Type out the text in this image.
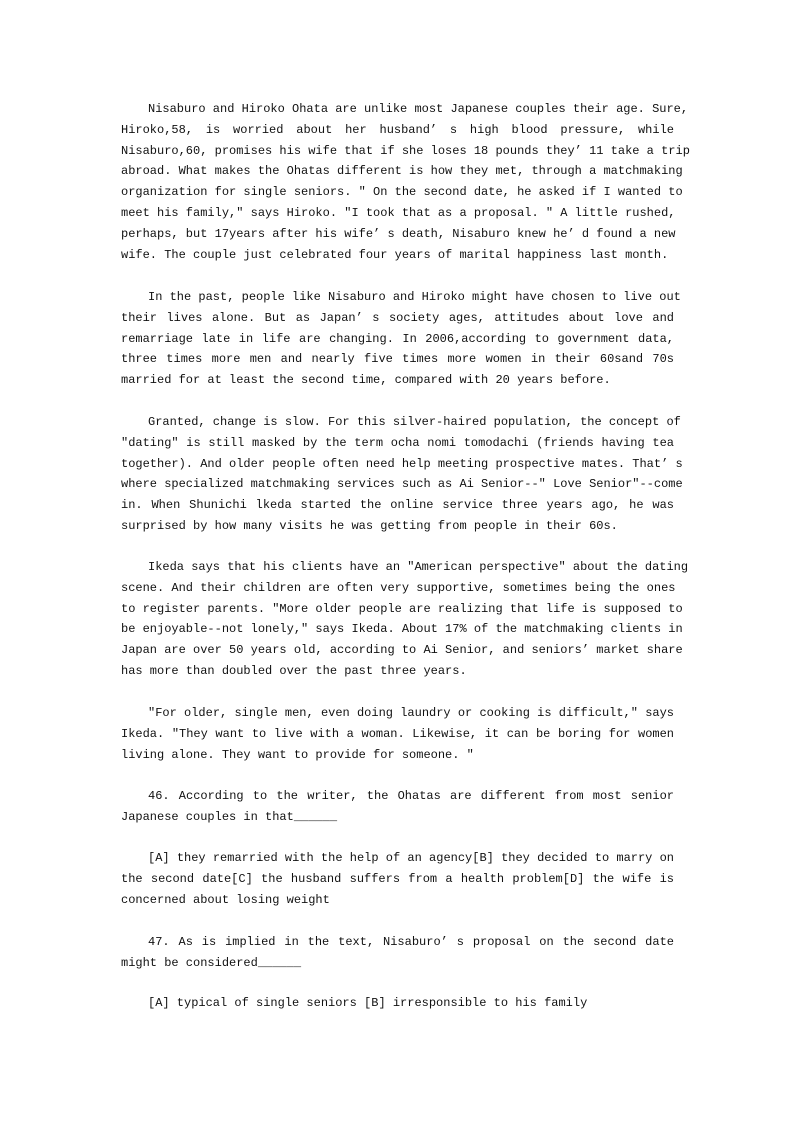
Nisaburo and Hiroko Ohata are unlike most Japanese couples their age. Sure,
Hiroko,58, is worried about her husband’ s high blood pressure, while
Nisaburo,60, promises his wife that if she loses 18 pounds they’ 11 take a trip
abroad. What makes the Ohatas different is how they met, through a matchmaking
organization for single seniors. ″ On the second date, he asked if I wanted to
meet his family,″ says Hiroko. ″I took that as a proposal. ″ A little rushed,
perhaps, but 17years after his wife’ s death, Nisaburo knew he’ d found a new
wife. The couple just celebrated four years of marital happiness last month.
In the past, people like Nisaburo and Hiroko might have chosen to live out
their lives alone. But as Japan’ s society ages, attitudes about love and
remarriage late in life are changing. In 2006,according to government data,
three times more men and nearly five times more women in their 60sand 70s
married for at least the second time, compared with 20 years before.
Granted, change is slow. For this silver-haired population, the concept of
″dating″ is still masked by the term ocha nomi tomodachi (friends having tea
together). And older people often need help meeting prospective mates. That’ s
where specialized matchmaking services such as Ai Senior--″ Love Senior″--come
in. When Shunichi lkeda started the online service three years ago, he was
surprised by how many visits he was getting from people in their 60s.
Ikeda says that his clients have an ″American perspective″ about the dating
scene. And their children are often very supportive, sometimes being the ones
to register parents. ″More older people are realizing that life is supposed to
be enjoyable--not lonely,″ says Ikeda. About 17% of the matchmaking clients in
Japan are over 50 years old, according to Ai Senior, and seniors’ market share
has more than doubled over the past three years.
″For older, single men, even doing laundry or cooking is difficult,″ says
Ikeda. ″They want to live with a woman. Likewise, it can be boring for women
living alone. They want to provide for someone. ″
46. According to the writer, the Ohatas are different from most senior
Japanese couples in that______
[A] they remarried with the help of an agency[B] they decided to marry on
the second date[C] the husband suffers from a health problem[D] the wife is
concerned about losing weight
47. As is implied in the text, Nisaburo’ s proposal on the second date
might be considered______
[A] typical of single seniors [B] irresponsible to his family
